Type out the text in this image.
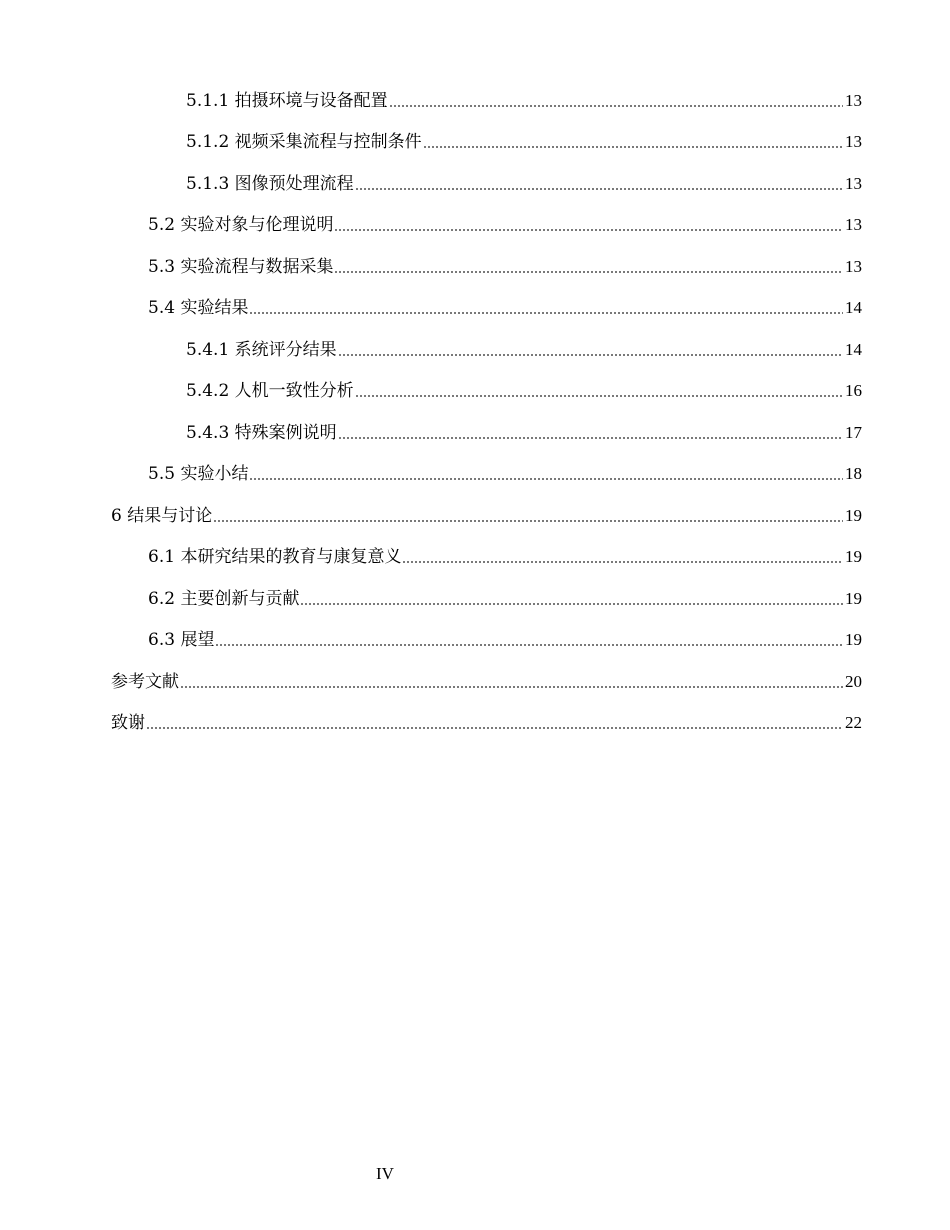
5.1.1 拍摄环境与设备配置	13
5.1.2 视频采集流程与控制条件	13
5.1.3 图像预处理流程	13
5.2 实验对象与伦理说明	13
5.3 实验流程与数据采集	13
5.4 实验结果	14
5.4.1 系统评分结果	14
5.4.2 人机一致性分析	16
5.4.3 特殊案例说明	17
5.5 实验小结	18
6 结果与讨论	19
6.1 本研究结果的教育与康复意义	19
6.2 主要创新与贡献	19
6.3 展望	19
参考文献	20
致谢	22
IV
